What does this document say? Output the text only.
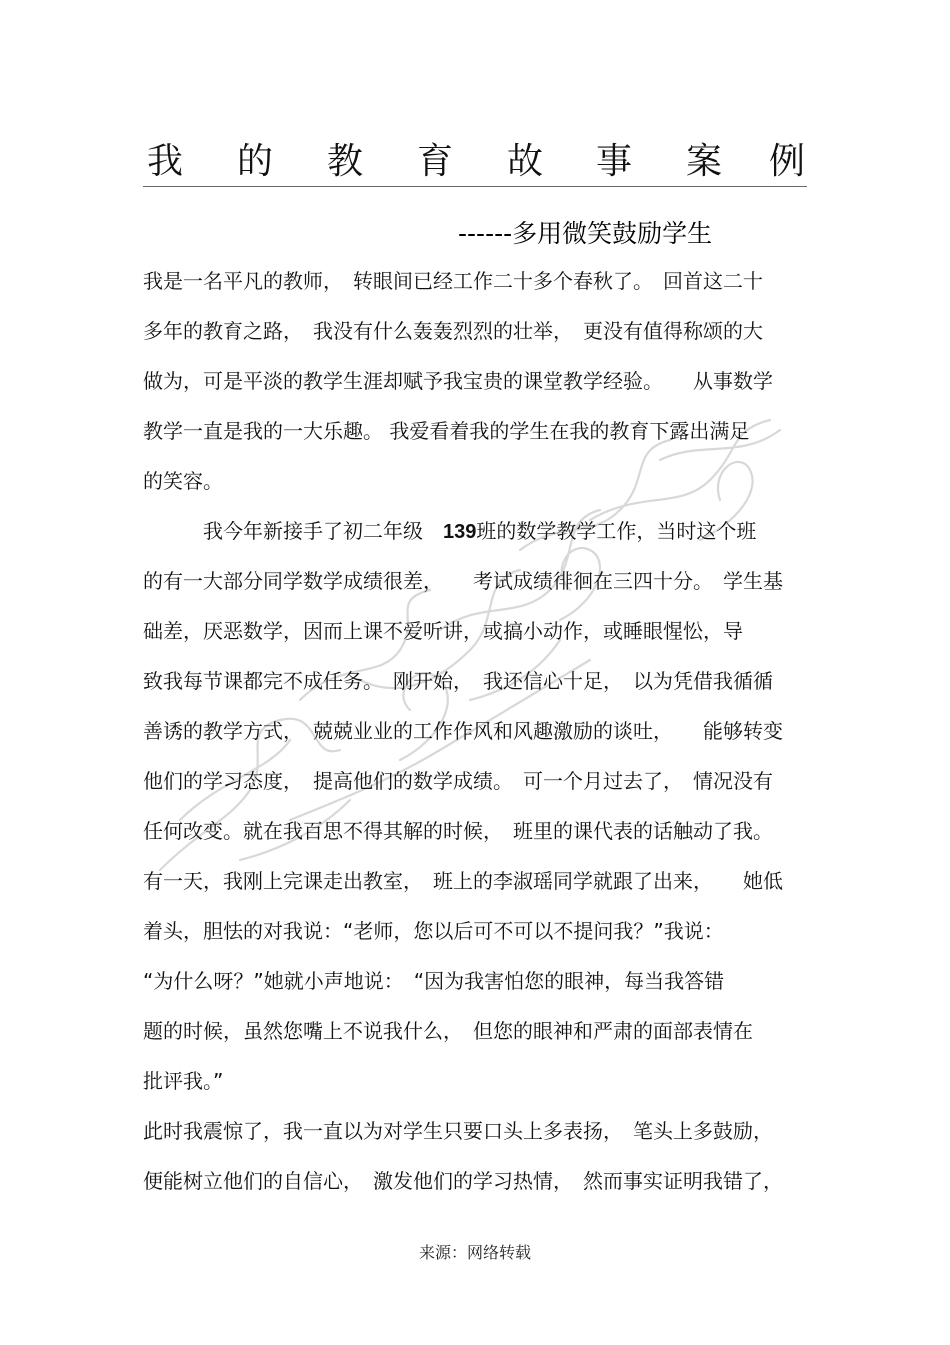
我 的 教 育 故 事 案 例
------多用微笑鼓励学生
我是一名平凡的教师，　转眼间已经工作二十多个春秋了。　回首这二十
多年的教育之路，　我没有什么轰轰烈烈的壮举，　更没有值得称颂的大
做为，可是平淡的教学生涯却赋予我宝贵的课堂教学经验。　　从事数学
教学一直是我的一大乐趣。 我爱看着我的学生在我的教育下露出满足
的笑容。
　　　我今年新接手了初二年级　 139班的数学教学工作，当时这个班
的有一大部分同学数学成绩很差，　　考试成绩徘徊在三四十分。　学生基
础差，厌恶数学，因而上课不爱听讲，或搞小动作，或睡眼惺忪，导
致我每节课都完不成任务。　刚开始，　我还信心十足，　以为凭借我循循
善诱的教学方式，　兢兢业业的工作作风和风趣激励的谈吐，　　能够转变
他们的学习态度，　提高他们的数学成绩。　可一个月过去了，　情况没有
任何改变。就在我百思不得其解的时候，　班里的课代表的话触动了我。
有一天，我刚上完课走出教室，　班上的李淑瑶同学就跟了出来，　　她低
着头，胆怯的对我说：“老师，您以后可不可以不提问我？”我说：
“为什么呀？”她就小声地说：　“因为我害怕您的眼神，每当我答错
题的时候，虽然您嘴上不说我什么，　但您的眼神和严肃的面部表情在
批评我。”
此时我震惊了，我一直以为对学生只要口头上多表扬，　笔头上多鼓励，
便能树立他们的自信心，　激发他们的学习热情，　然而事实证明我错了，
来源：网络转载
